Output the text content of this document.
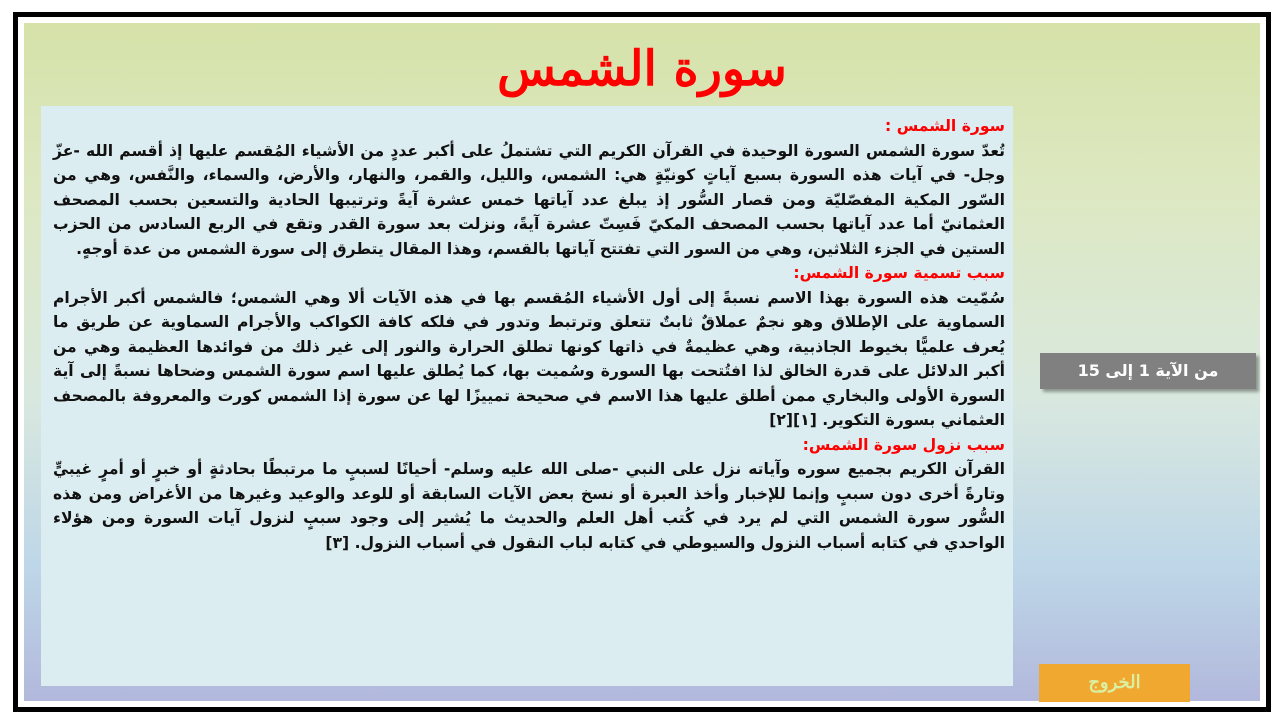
سورة الشمس

سورة الشمس :

تُعدّ سورة الشمس السورة الوحيدة في القرآن الكريم التي تشتملُ على أكبر عددٍ من الأشياء المُقسم عليها إذ أقسم الله -عزّ وجل- في آيات هذه السورة بسبع آياتٍ كونيّةٍ هي: الشمس، والليل، والقمر، والنهار، والأرض، والسماء، والنَّفس، وهي من السّور المكية المفصّليّة ومن قصار السُّور إذ يبلغ عدد آياتها خمس عشرة آيةً وترتيبها الحادية والتسعين بحسب المصحف العثمانيّ أما عدد آياتها بحسب المصحف المكيّ فَسِتّ عشرة آيةً، ونزلت بعد سورة القدر وتقع في الربع السادس من الحزب الستين في الجزء الثلاثين، وهي من السور التي تفتتح آياتها بالقسم، وهذا المقال يتطرق إلى سورة الشمس من عدة أوجهٍ.

سبب تسمية سورة الشمس:

سُمّيت هذه السورة بهذا الاسم نسبةً إلى أول الأشياء المُقسم بها في هذه الآيات ألا وهي الشمس؛ فالشمس أكبر الأجرام السماوية على الإطلاق وهو نجمٌ عملاقٌ ثابتٌ تتعلق وترتبط وتدور في فلكه كافة الكواكب والأجرام السماوية عن طريق ما يُعرف علميًّا بخيوط الجاذبية، وهي عظيمةٌ في ذاتها كونها تطلق الحرارة والنور إلى غير ذلك من فوائدها العظيمة وهي من أكبر الدلائل على قدرة الخالق لذا افتُتحت بها السورة وسُميت بها، كما يُطلق عليها اسم سورة الشمس وضحاها نسبةً إلى آية السورة الأولى والبخاري ممن أطلق عليها هذا الاسم في صحيحة تمييزًا لها عن سورة إذا الشمس كورت والمعروفة بالمصحف العثماني بسورة التكوير. [١][٢]

سبب نزول سورة الشمس:

القرآن الكريم بجميع سوره وآياته نزل على النبي -صلى الله عليه وسلم- أحيانًا لسببٍ ما مرتبطًا بحادثةٍ أو خبرٍ أو أمرٍ غيبيٍّ وتارةً أخرى دون سببٍ وإنما للإخبار وأخذ العبرة أو نسخ بعض الآيات السابقة أو للوعد والوعيد وغيرها من الأغراض ومن هذه السُّور سورة الشمس التي لم يرد في كُتب أهل العلم والحديث ما يُشير إلى وجود سببٍ لنزول آيات السورة ومن هؤلاء الواحدي في كتابه أسباب النزول والسيوطي في كتابه لباب النقول في أسباب النزول. [٣]

من الآية 1 إلى 15
الخروج
